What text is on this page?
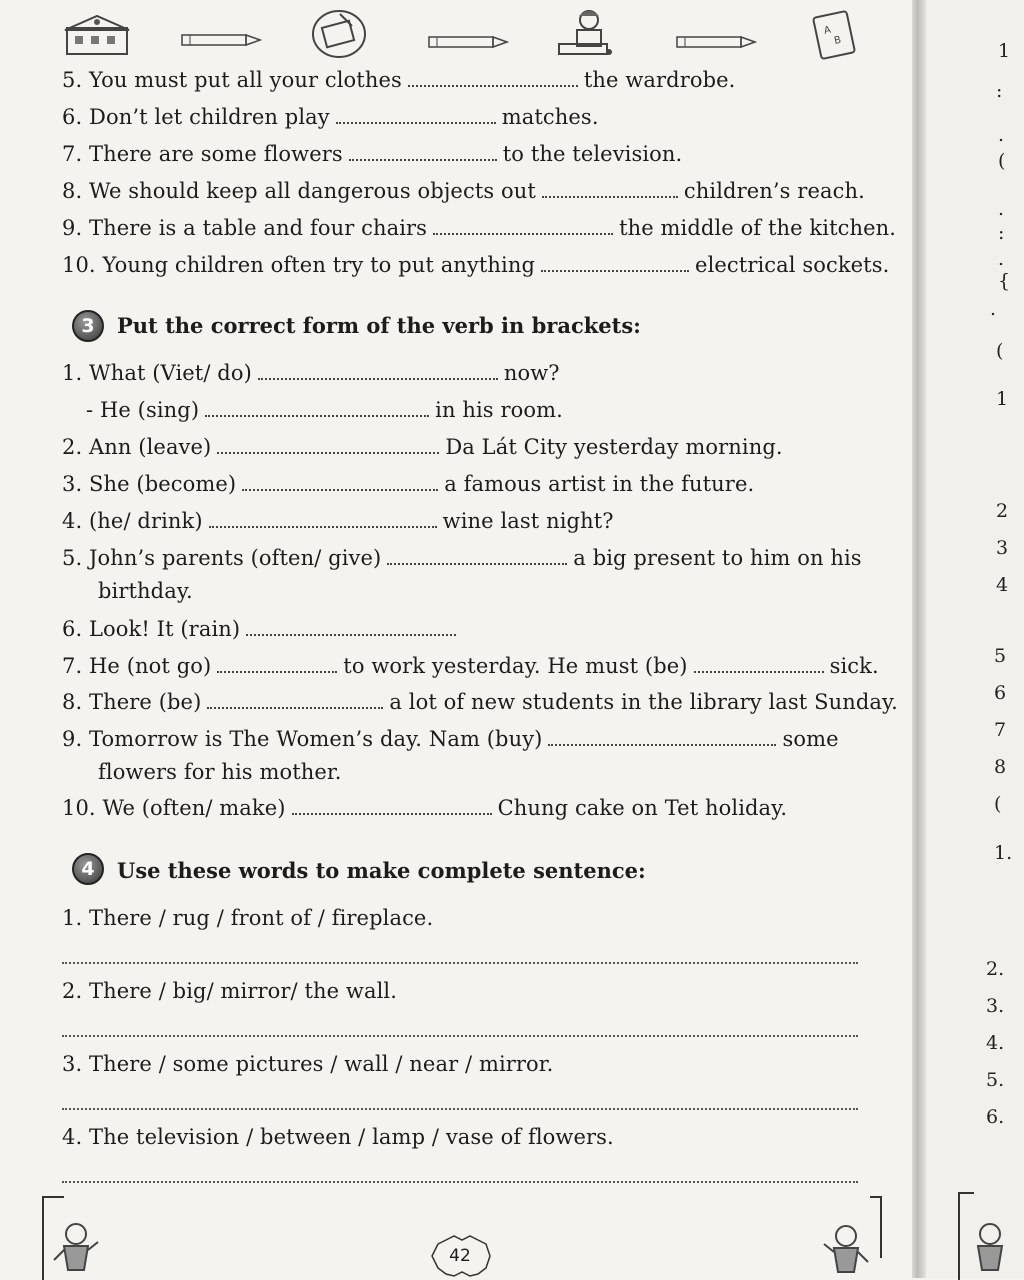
A
B
5. You must put all your clothes	the wardrobe.
6. Don’t let children play	matches.
7. There are some flowers	to the television.
8. We should keep all dangerous objects out	children’s reach.
9. There is a table and four chairs	the middle of the kitchen.
10. Young children often try to put anything	electrical sockets.
3	Put the correct form of the verb in brackets:
1. What (Viet/ do)	now?
- He (sing)	in his room.
2. Ann (leave)	Da Lát City yesterday morning.
3. She (become)	a famous artist in the future.
4. (he/ drink)	wine last night?
5. John’s parents (often/ give)	a big present to him on his
birthday.
6. Look! It (rain)
7. He (not go)	to work yesterday. He must (be)	sick.
8. There (be)	a lot of new students in the library last Sunday.
9. Tomorrow is The Women’s day. Nam (buy)	some
flowers for his mother.
10. We (often/ make)	Chung cake on Tet holiday.
4	Use these words to make complete sentence:
1. There / rug / front of / fireplace.
2. There / big/ mirror/ the wall.
3. There / some pictures / wall / near / mirror.
4. The television / between / lamp / vase of flowers.
42
1
:
.
(
.
:
.
{
.
(
1
2
3
4
5
6
7
8
(
1.
2.
3.
4.
5.
6.
